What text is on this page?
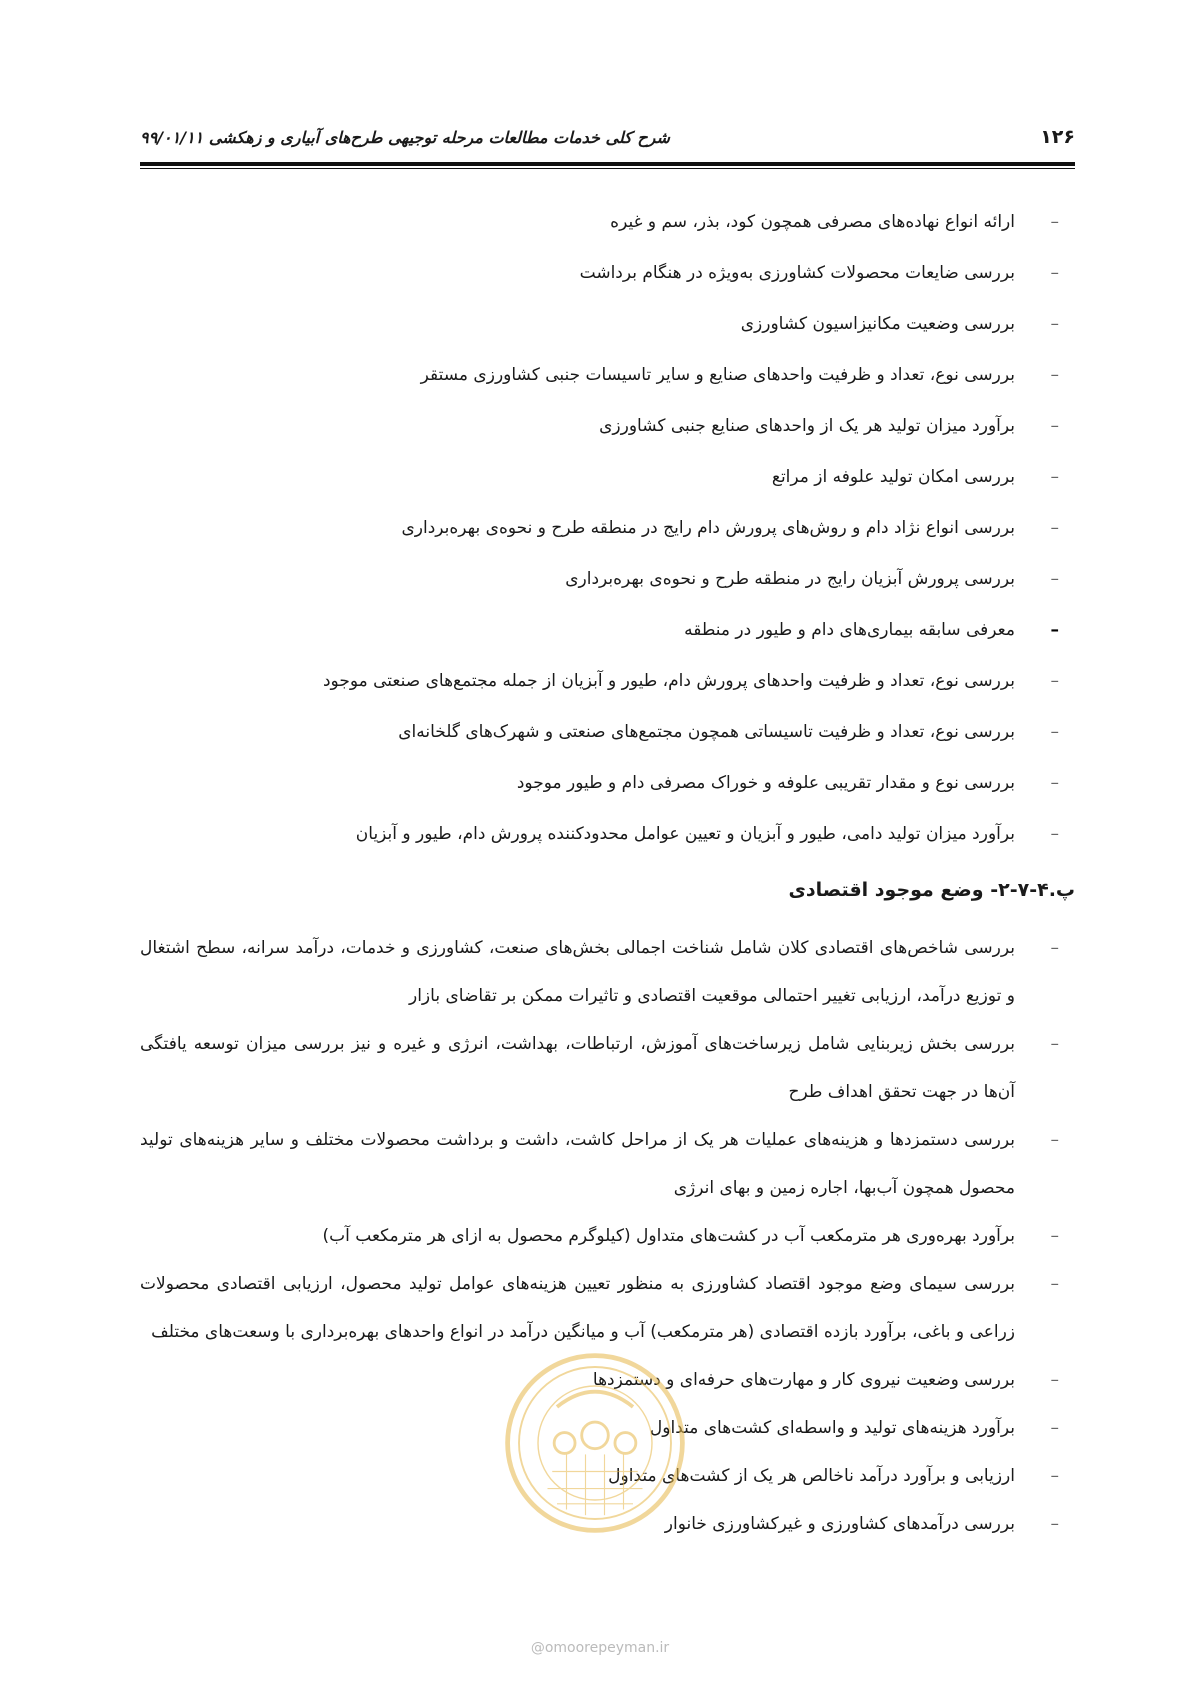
۱۲۶
شرح کلی خدمات مطالعات مرحله توجیهی طرح‌های آبیاری و زهکشی ۹۹/۰۱/۱۱
–
ارائه انواع نهاده‌های مصرفی همچون کود، بذر، سم و غیره
–
بررسی ضایعات محصولات کشاورزی به‌ویژه در هنگام برداشت
–
بررسی وضعیت مکانیزاسیون کشاورزی
–
بررسی نوع، تعداد و ظرفیت واحدهای صنایع و سایر تاسیسات جنبی کشاورزی مستقر
–
برآورد میزان تولید هر یک از واحدهای صنایع جنبی کشاورزی
–
بررسی امکان تولید علوفه از مراتع
–
بررسی انواع نژاد دام و روش‌های پرورش دام رایج در منطقه طرح و نحوه‌ی بهره‌برداری
–
بررسی پرورش آبزیان رایج در منطقه طرح و نحوه‌ی بهره‌برداری
–
معرفی سابقه بیماری‌های دام و طیور در منطقه
–
بررسی نوع، تعداد و ظرفیت واحدهای پرورش دام، طیور و آبزیان از جمله مجتمع‌های صنعتی موجود
–
بررسی نوع، تعداد و ظرفیت تاسیساتی همچون مجتمع‌های صنعتی و شهرک‌های گلخانه‌ای
–
بررسی نوع و مقدار تقریبی علوفه و خوراک مصرفی دام و طیور موجود
–
برآورد میزان تولید دامی، طیور و آبزیان و تعیین عوامل محدودکننده پرورش دام، طیور و آبزیان
پ.۴-۷-۲- وضع موجود اقتصادی
–
بررسی شاخص‌های اقتصادی کلان شامل شناخت اجمالی بخش‌های صنعت، کشاورزی و خدمات، درآمد سرانه، سطح اشتغال و توزیع درآمد، ارزیابی تغییر احتمالی موقعیت اقتصادی و تاثیرات ممکن بر تقاضای بازار
–
بررسی بخش زیربنایی شامل زیرساخت‌های آموزش، ارتباطات، بهداشت، انرژی و غیره و نیز بررسی میزان توسعه یافتگی آن‌ها در جهت تحقق اهداف طرح
–
بررسی دستمزدها و هزینه‌های عملیات هر یک از مراحل کاشت، داشت و برداشت محصولات مختلف و سایر هزینه‌های تولید محصول همچون آب‌بها، اجاره زمین و بهای انرژی
–
برآورد بهره‌وری هر مترمکعب آب در کشت‌های متداول (کیلوگرم محصول به ازای هر مترمکعب آب)
–
بررسی سیمای وضع موجود اقتصاد کشاورزی به منظور تعیین هزینه‌های عوامل تولید محصول، ارزیابی اقتصادی محصولات زراعی و باغی، برآورد بازده اقتصادی (هر مترمکعب) آب و میانگین درآمد در انواع واحدهای بهره‌برداری با وسعت‌های مختلف
–
بررسی وضعیت نیروی کار و مهارت‌های حرفه‌ای و دستمزدها
–
برآورد هزینه‌های تولید و واسطه‌ای کشت‌های متداول
–
ارزیابی و برآورد درآمد ناخالص هر یک از کشت‌های متداول
–
بررسی درآمدهای کشاورزی و غیرکشاورزی خانوار
@omoorepeyman.ir
